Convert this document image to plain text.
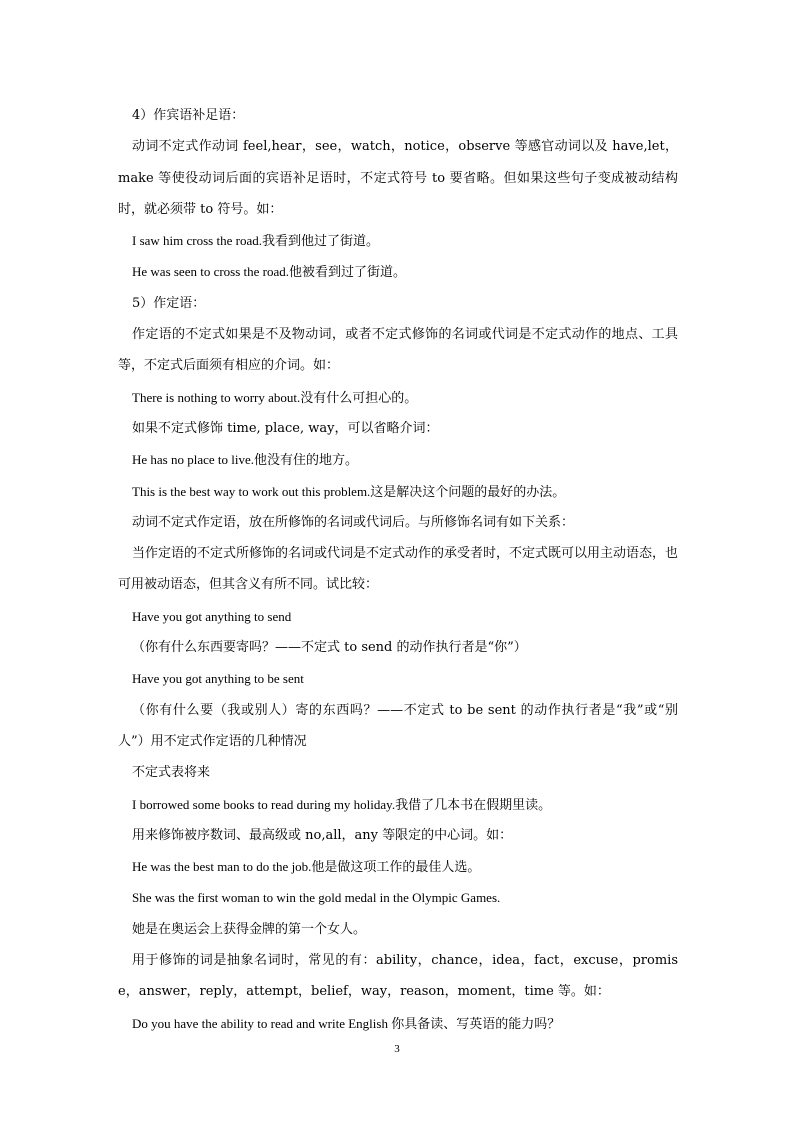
4）作宾语补足语：

动词不定式作动词 feel,hear，see，watch，notice，observe 等感官动词以及 have,let，make 等使役动词后面的宾语补足语时，不定式符号 to 要省略。但如果这些句子变成被动结构时，就必须带 to 符号。如：

I saw him cross the road.我看到他过了街道。

He was seen to cross the road.他被看到过了街道。

5）作定语：

作定语的不定式如果是不及物动词，或者不定式修饰的名词或代词是不定式动作的地点、工具等，不定式后面须有相应的介词。如：

There is nothing to worry about.没有什么可担心的。

如果不定式修饰 time, place, way，可以省略介词：

He has no place to live.他没有住的地方。

This is the best way to work out this problem.这是解决这个问题的最好的办法。

动词不定式作定语，放在所修饰的名词或代词后。与所修饰名词有如下关系：

当作定语的不定式所修饰的名词或代词是不定式动作的承受者时，不定式既可以用主动语态，也可用被动语态，但其含义有所不同。试比较：

Have you got anything to send

（你有什么东西要寄吗？——不定式 to send 的动作执行者是“你”）

Have you got anything to be sent

（你有什么要（我或别人）寄的东西吗？——不定式 to be sent 的动作执行者是“我”或“别人”）用不定式作定语的几种情况

不定式表将来

I borrowed some books to read during my holiday.我借了几本书在假期里读。

用来修饰被序数词、最高级或 no,all，any 等限定的中心词。如：

He was the best man to do the job.他是做这项工作的最佳人选。

She was the first woman to win the gold medal in the Olympic Games.

她是在奥运会上获得金牌的第一个女人。

用于修饰的词是抽象名词时，常见的有：ability，chance，idea，fact，excuse，promise，answer，reply，attempt，belief，way，reason，moment，time 等。如：

Do you have the ability to read and write English 你具备读、写英语的能力吗？

3
